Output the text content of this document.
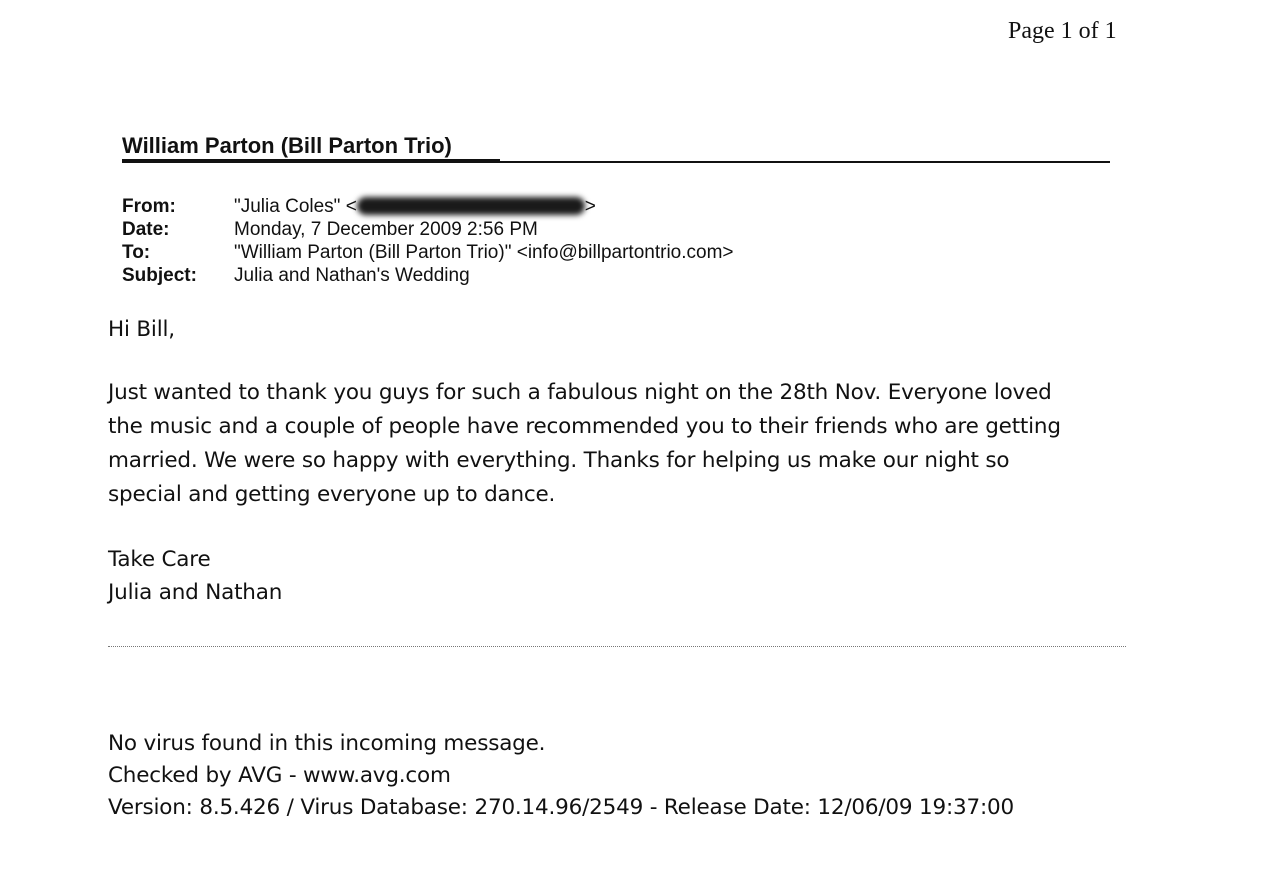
Page 1 of 1
William Parton (Bill Parton Trio)
From:	"Julia Coles" <	>
Date:	Monday, 7 December 2009 2:56 PM
To:	"William Parton (Bill Parton Trio)" <info@billpartontrio.com>
Subject:	Julia and Nathan's Wedding
Hi Bill,
Just wanted to thank you guys for such a fabulous night on the 28th Nov. Everyone loved
the music and a couple of people have recommended you to their friends who are getting
married. We were so happy with everything. Thanks for helping us make our night so
special and getting everyone up to dance.
Take Care
Julia and Nathan
No virus found in this incoming message.
Checked by AVG - www.avg.com
Version: 8.5.426 / Virus Database: 270.14.96/2549 - Release Date: 12/06/09 19:37:00
